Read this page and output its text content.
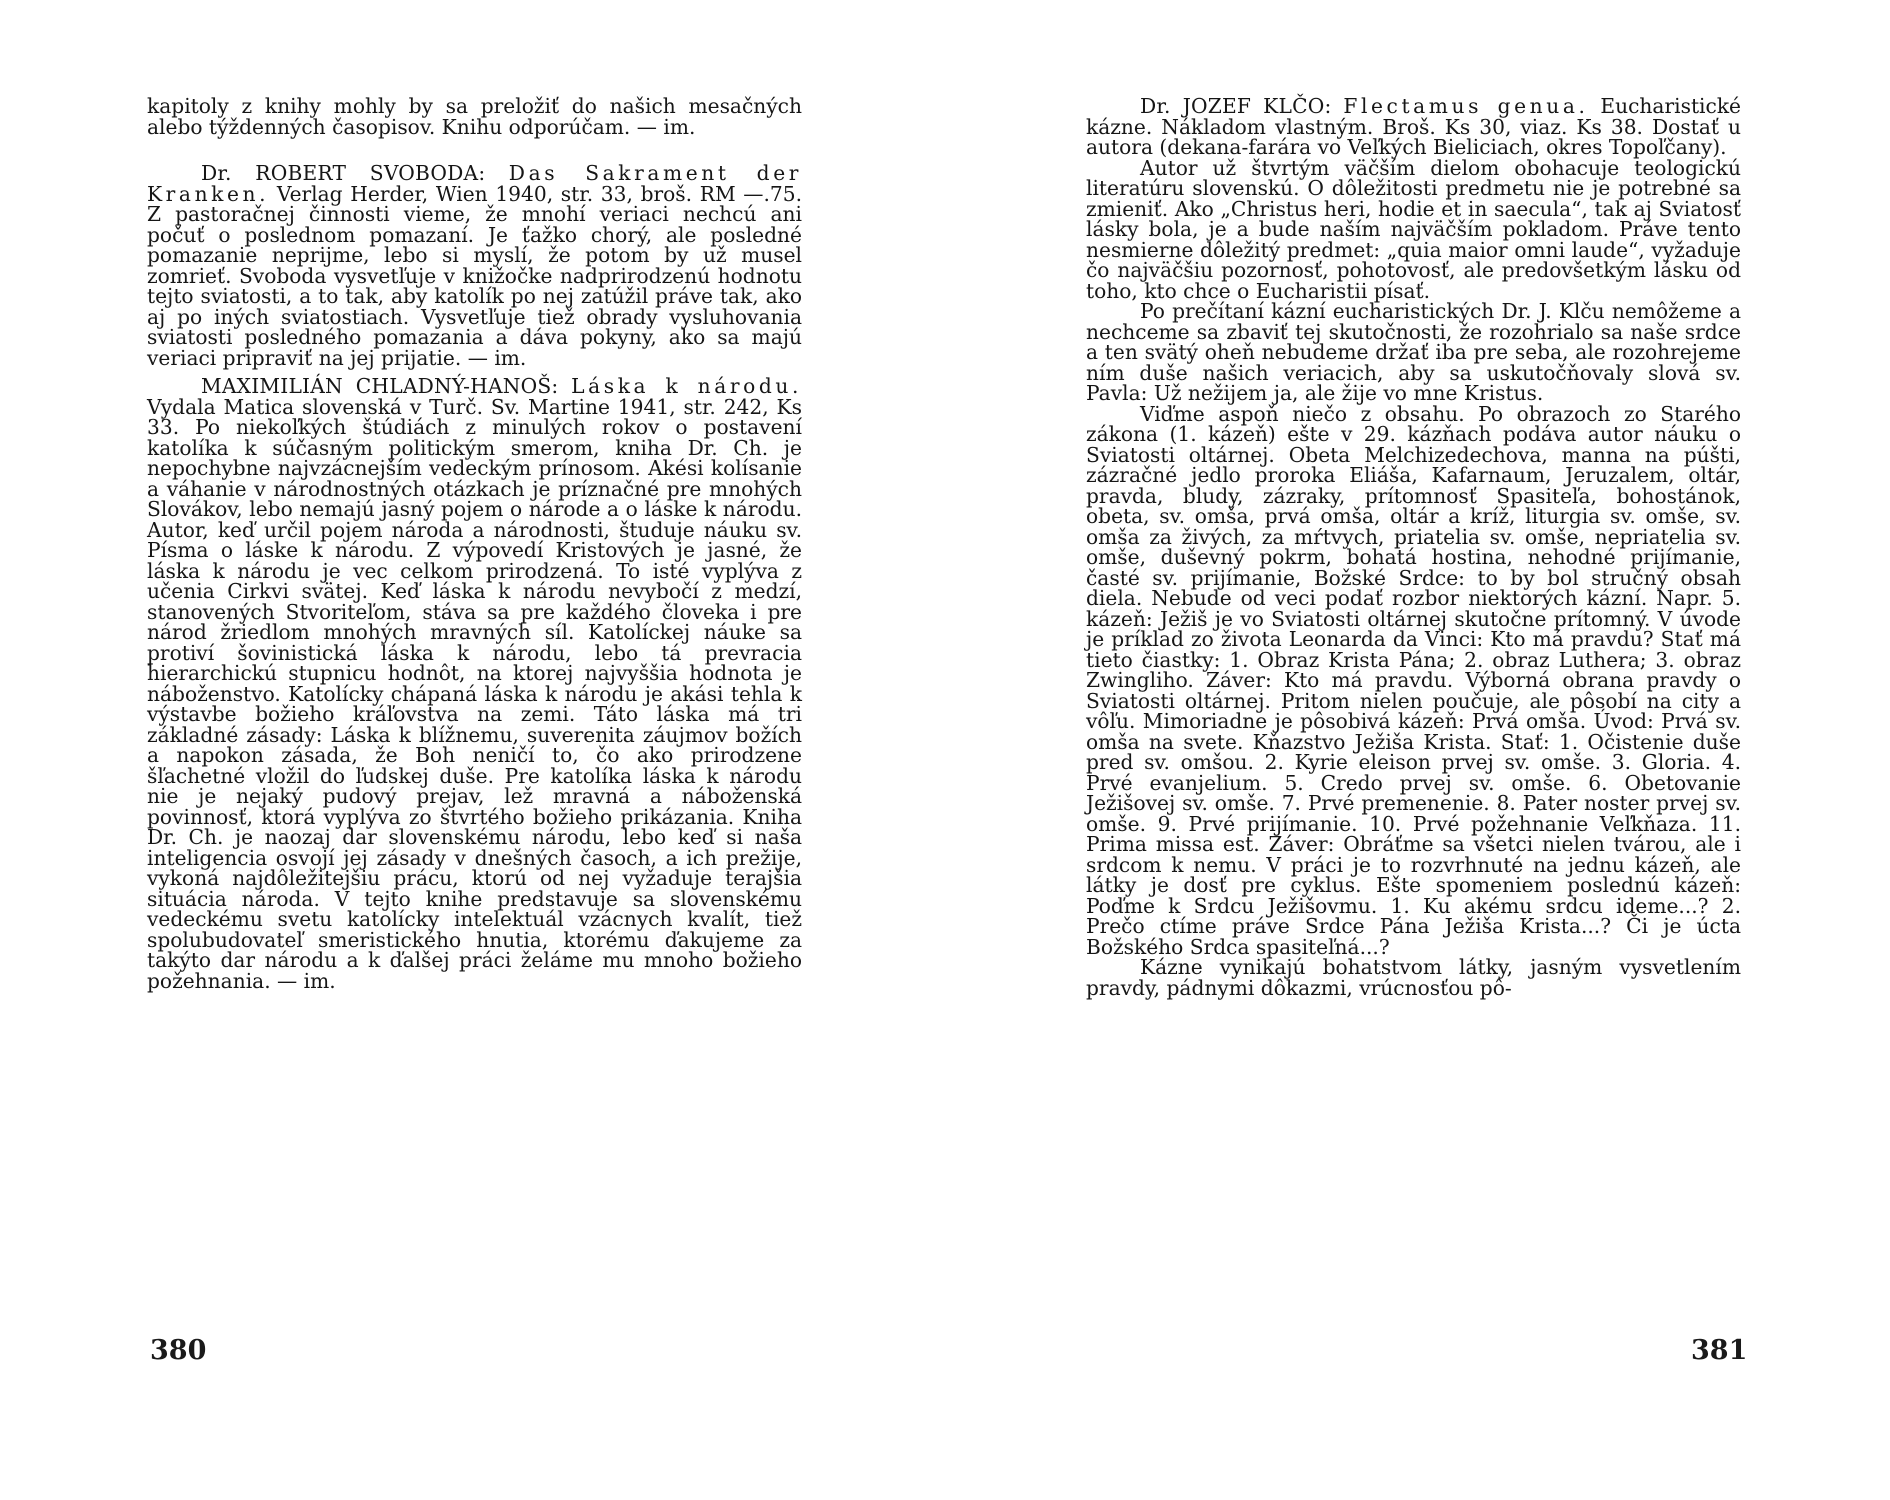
kapitoly z knihy mohly by sa preložiť do našich mesačných alebo týždenných časopisov. Knihu odporúčam. — im.

Dr. ROBERT SVOBODA: Das Sakrament der Kranken. Verlag Herder, Wien 1940, str. 33, broš. RM —.75. Z pastoračnej činnosti vieme, že mnohí veriaci nechcú ani počuť o poslednom pomazaní. Je ťažko chorý, ale posledné pomazanie neprijme, lebo si myslí, že potom by už musel zomrieť. Svoboda vysvetľuje v knižočke nadprirodzenú hodnotu tejto sviatosti, a to tak, aby katolík po nej zatúžil práve tak, ako aj po iných sviatostiach. Vysvetľuje tiež obrady vysluhovania sviatosti posledného pomazania a dáva pokyny, ako sa majú veriaci pripraviť na jej prijatie. — im.

MAXIMILIÁN CHLADNÝ-HANOŠ: Láska k národu. Vydala Matica slovenská v Turč. Sv. Martine 1941, str. 242, Ks 33. Po niekoľkých štúdiách z minulých rokov o postavení katolíka k súčasným politickým smerom, kniha Dr. Ch. je nepochybne najvzácnejším vedeckým prínosom. Akési kolísanie a váhanie v národnostných otázkach je príznačné pre mnohých Slovákov, lebo nemajú jasný pojem o národe a o láske k národu. Autor, keď určil pojem národa a národnosti, študuje náuku sv. Písma o láske k národu. Z výpovedí Kristových je jasné, že láska k národu je vec celkom prirodzená. To isté vyplýva z učenia Cirkvi svätej. Keď láska k národu nevybočí z medzí, stanovených Stvoriteľom, stáva sa pre každého človeka i pre národ žriedlom mnohých mravných síl. Katolíckej náuke sa protiví šovinistická láska k národu, lebo tá prevracia hierarchickú stupnicu hodnôt, na ktorej najvyššia hodnota je náboženstvo. Katolícky chápaná láska k národu je akási tehla k výstavbe božieho kráľovstva na zemi. Táto láska má tri základné zásady: Láska k blížnemu, suverenita záujmov božích a napokon zásada, že Boh neničí to, čo ako prirodzene šľachetné vložil do ľudskej duše. Pre katolíka láska k národu nie je nejaký pudový prejav, lež mravná a náboženská povinnosť, ktorá vyplýva zo štvrtého božieho prikázania. Kniha Dr. Ch. je naozaj dar slovenskému národu, lebo keď si naša inteligencia osvojí jej zásady v dnešných časoch, a ich prežije, vykoná najdôležitejšiu prácu, ktorú od nej vyžaduje terajšia situácia národa. V tejto knihe predstavuje sa slovenskému vedeckému svetu katolícky intelektuál vzácnych kvalít, tiež spolubudovateľ smeristického hnutia, ktorému ďakujeme za takýto dar národu a k ďalšej práci želáme mu mnoho božieho požehnania. — im.

380

Dr. JOZEF KLČO: Flectamus genua. Eucharistické kázne. Nákladom vlastným. Broš. Ks 30, viaz. Ks 38. Dostať u autora (dekana-farára vo Veľkých Bieliciach, okres Topoľčany).

Autor už štvrtým väčším dielom obohacuje teologickú literatúru slovenskú. O dôležitosti predmetu nie je potrebné sa zmieniť. Ako „Christus heri, hodie et in saecula“, tak aj Sviatosť lásky bola, je a bude naším najväčším pokladom. Práve tento nesmierne dôležitý predmet: „quia maior omni laude“, vyžaduje čo najväčšiu pozornosť, pohotovosť, ale predovšetkým lásku od toho, kto chce o Eucharistii písať.

Po prečítaní kázní eucharistických Dr. J. Klču nemôžeme a nechceme sa zbaviť tej skutočnosti, že rozohrialo sa naše srdce a ten svätý oheň nebudeme držať iba pre seba, ale rozohrejeme ním duše našich veriacich, aby sa uskutočňovaly slová sv. Pavla: Už nežijem ja, ale žije vo mne Kristus.

Viďme aspoň niečo z obsahu. Po obrazoch zo Starého zákona (1. kázeň) ešte v 29. kázňach podáva autor náuku o Sviatosti oltárnej. Obeta Melchizedechova, manna na púšti, zázračné jedlo proroka Eliáša, Kafarnaum, Jeruzalem, oltár, pravda, bludy, zázraky, prítomnosť Spasiteľa, bohostánok, obeta, sv. omša, prvá omša, oltár a kríž, liturgia sv. omše, sv. omša za živých, za mŕtvych, priatelia sv. omše, nepriatelia sv. omše, duševný pokrm, bohatá hostina, nehodné prijímanie, časté sv. prijímanie, Božské Srdce: to by bol stručný obsah diela. Nebude od veci podať rozbor niektorých kázní. Napr. 5. kázeň: Ježiš je vo Sviatosti oltárnej skutočne prítomný. V úvode je príklad zo života Leonarda da Vinci: Kto má pravdu? Stať má tieto čiastky: 1. Obraz Krista Pána; 2. obraz Luthera; 3. obraz Zwingliho. Záver: Kto má pravdu. Výborná obrana pravdy o Sviatosti oltárnej. Pritom nielen poučuje, ale pôsobí na city a vôľu. Mimoriadne je pôsobivá kázeň: Prvá omša. Úvod: Prvá sv. omša na svete. Kňazstvo Ježiša Krista. Stať: 1. Očistenie duše pred sv. omšou. 2. Kyrie eleison prvej sv. omše. 3. Gloria. 4. Prvé evanjelium. 5. Credo prvej sv. omše. 6. Obetovanie Ježišovej sv. omše. 7. Prvé premenenie. 8. Pater noster prvej sv. omše. 9. Prvé prijímanie. 10. Prvé požehnanie Veľkňaza. 11. Prima missa est. Záver: Obráťme sa všetci nielen tvárou, ale i srdcom k nemu. V práci je to rozvrhnuté na jednu kázeň, ale látky je dosť pre cyklus. Ešte spomeniem poslednú kázeň: Poďme k Srdcu Ježišovmu. 1. Ku akému srdcu ideme...? 2. Prečo ctíme práve Srdce Pána Ježiša Krista...? Či je úcta Božského Srdca spasiteľná...?

Kázne vynikajú bohatstvom látky, jasným vysvetlením pravdy, pádnymi dôkazmi, vrúcnosťou pô-

381
